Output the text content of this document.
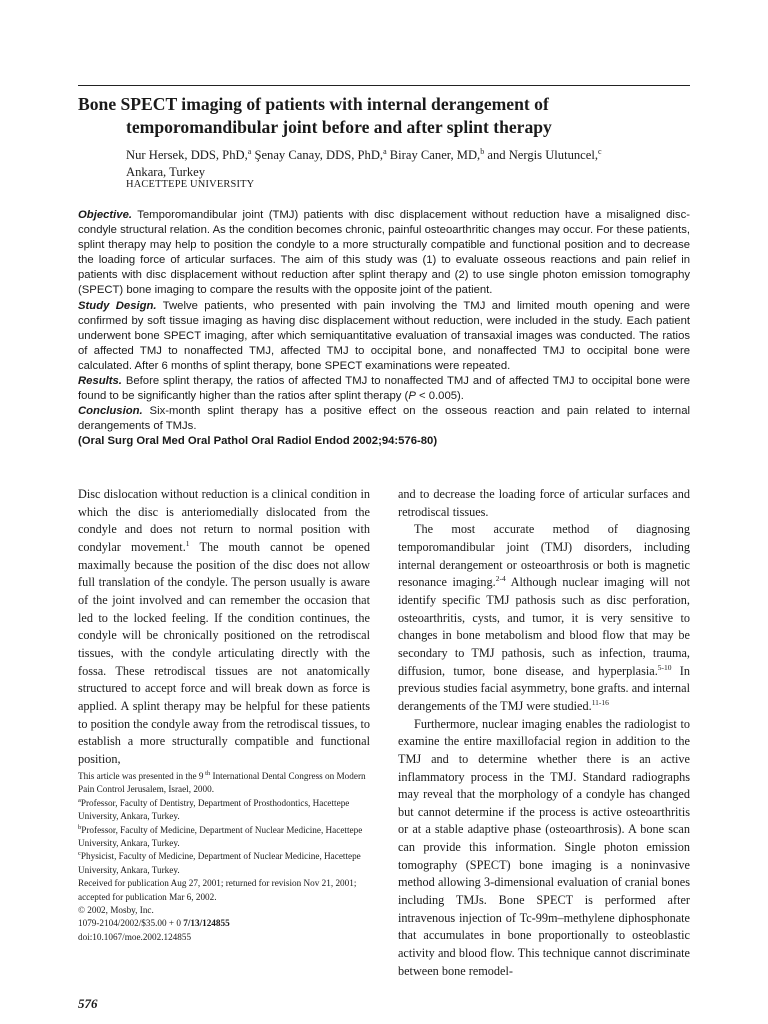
Bone SPECT imaging of patients with internal derangement of
temporomandibular joint before and after splint therapy
Nur Hersek, DDS, PhD,$^a$ Şenay Canay, DDS, PhD,$^a$ Biray Caner, MD,$^b$ and Nergis Ulutuncel,$^c$
Ankara, Turkey
HACETTEPE UNIVERSITY

Objective. Temporomandibular joint (TMJ) patients with disc displacement without reduction have a misaligned disc-condyle structural relation. As the condition becomes chronic, painful osteoarthritic changes may occur. For these patients, splint therapy may help to position the condyle to a more structurally compatible and functional position and to decrease the loading force of articular surfaces. The aim of this study was (1) to evaluate osseous reactions and pain relief in patients with disc displacement without reduction after splint therapy and (2) to use single photon emission tomography (SPECT) bone imaging to compare the results with the opposite joint of the patient.

Study Design. Twelve patients, who presented with pain involving the TMJ and limited mouth opening and were confirmed by soft tissue imaging as having disc displacement without reduction, were included in the study. Each patient underwent bone SPECT imaging, after which semiquantitative evaluation of transaxial images was conducted. The ratios of affected TMJ to nonaffected TMJ, affected TMJ to occipital bone, and nonaffected TMJ to occipital bone were calculated. After 6 months of splint therapy, bone SPECT examinations were repeated.

Results. Before splint therapy, the ratios of affected TMJ to nonaffected TMJ and of affected TMJ to occipital bone were found to be significantly higher than the ratios after splint therapy (P < 0.005).

Conclusion. Six-month splint therapy has a positive effect on the osseous reaction and pain related to internal derangements of TMJs.

(Oral Surg Oral Med Oral Pathol Oral Radiol Endod 2002;94:576-80)

Disc dislocation without reduction is a clinical condition in which the disc is anteriomedially dislocated from the condyle and does not return to normal position with condylar movement.$^1$ The mouth cannot be opened maximally because the position of the disc does not allow full translation of the condyle. The person usually is aware of the joint involved and can remember the occasion that led to the locked feeling. If the condition continues, the condyle will be chronically positioned on the retrodiscal tissues, with the condyle articulating directly with the fossa. These retrodiscal tissues are not anatomically structured to accept force and will break down as force is applied. A splint therapy may be helpful for these patients to position the condyle away from the retrodiscal tissues, to establish a more structurally compatible and functional position,

and to decrease the loading force of articular surfaces and retrodiscal tissues.

The most accurate method of diagnosing temporomandibular joint (TMJ) disorders, including internal derangement or osteoarthrosis or both is magnetic resonance imaging.$^{2-4}$ Although nuclear imaging will not identify specific TMJ pathosis such as disc perforation, osteoarthritis, cysts, and tumor, it is very sensitive to changes in bone metabolism and blood flow that may be secondary to TMJ pathosis, such as infection, trauma, diffusion, tumor, bone disease, and hyperplasia.$^{5-10}$ In previous studies facial asymmetry, bone grafts. and internal derangements of the TMJ were studied.$^{11-16}$

Furthermore, nuclear imaging enables the radiologist to examine the entire maxillofacial region in addition to the TMJ and to determine whether there is an active inflammatory process in the TMJ. Standard radiographs may reveal that the morphology of a condyle has changed but cannot determine if the process is active osteoarthritis or at a stable adaptive phase (osteoarthrosis). A bone scan can provide this information. Single photon emission tomography (SPECT) bone imaging is a noninvasive method allowing 3-dimensional evaluation of cranial bones including TMJs. Bone SPECT is performed after intravenous injection of Tc-99m–methylene diphosphonate that accumulates in bone proportionally to osteoblastic activity and blood flow. This technique cannot discriminate between bone remodel-

This article was presented in the 9 $^{th}$ International Dental Congress on Modern Pain Control Jerusalem, Israel, 2000.

$^a$Professor, Faculty of Dentistry, Department of Prosthodontics, Hacettepe University, Ankara, Turkey.

$^b$Professor, Faculty of Medicine, Department of Nuclear Medicine, Hacettepe University, Ankara, Turkey.

$^c$Physicist, Faculty of Medicine, Department of Nuclear Medicine, Hacettepe University, Ankara, Turkey.

Received for publication Aug 27, 2001; returned for revision Nov 21, 2001; accepted for publication Mar 6, 2002.

© 2002, Mosby, Inc.

1079-2104/2002/$35.00 + 0 7/13/124855

doi:10.1067/moe.2002.124855

576
